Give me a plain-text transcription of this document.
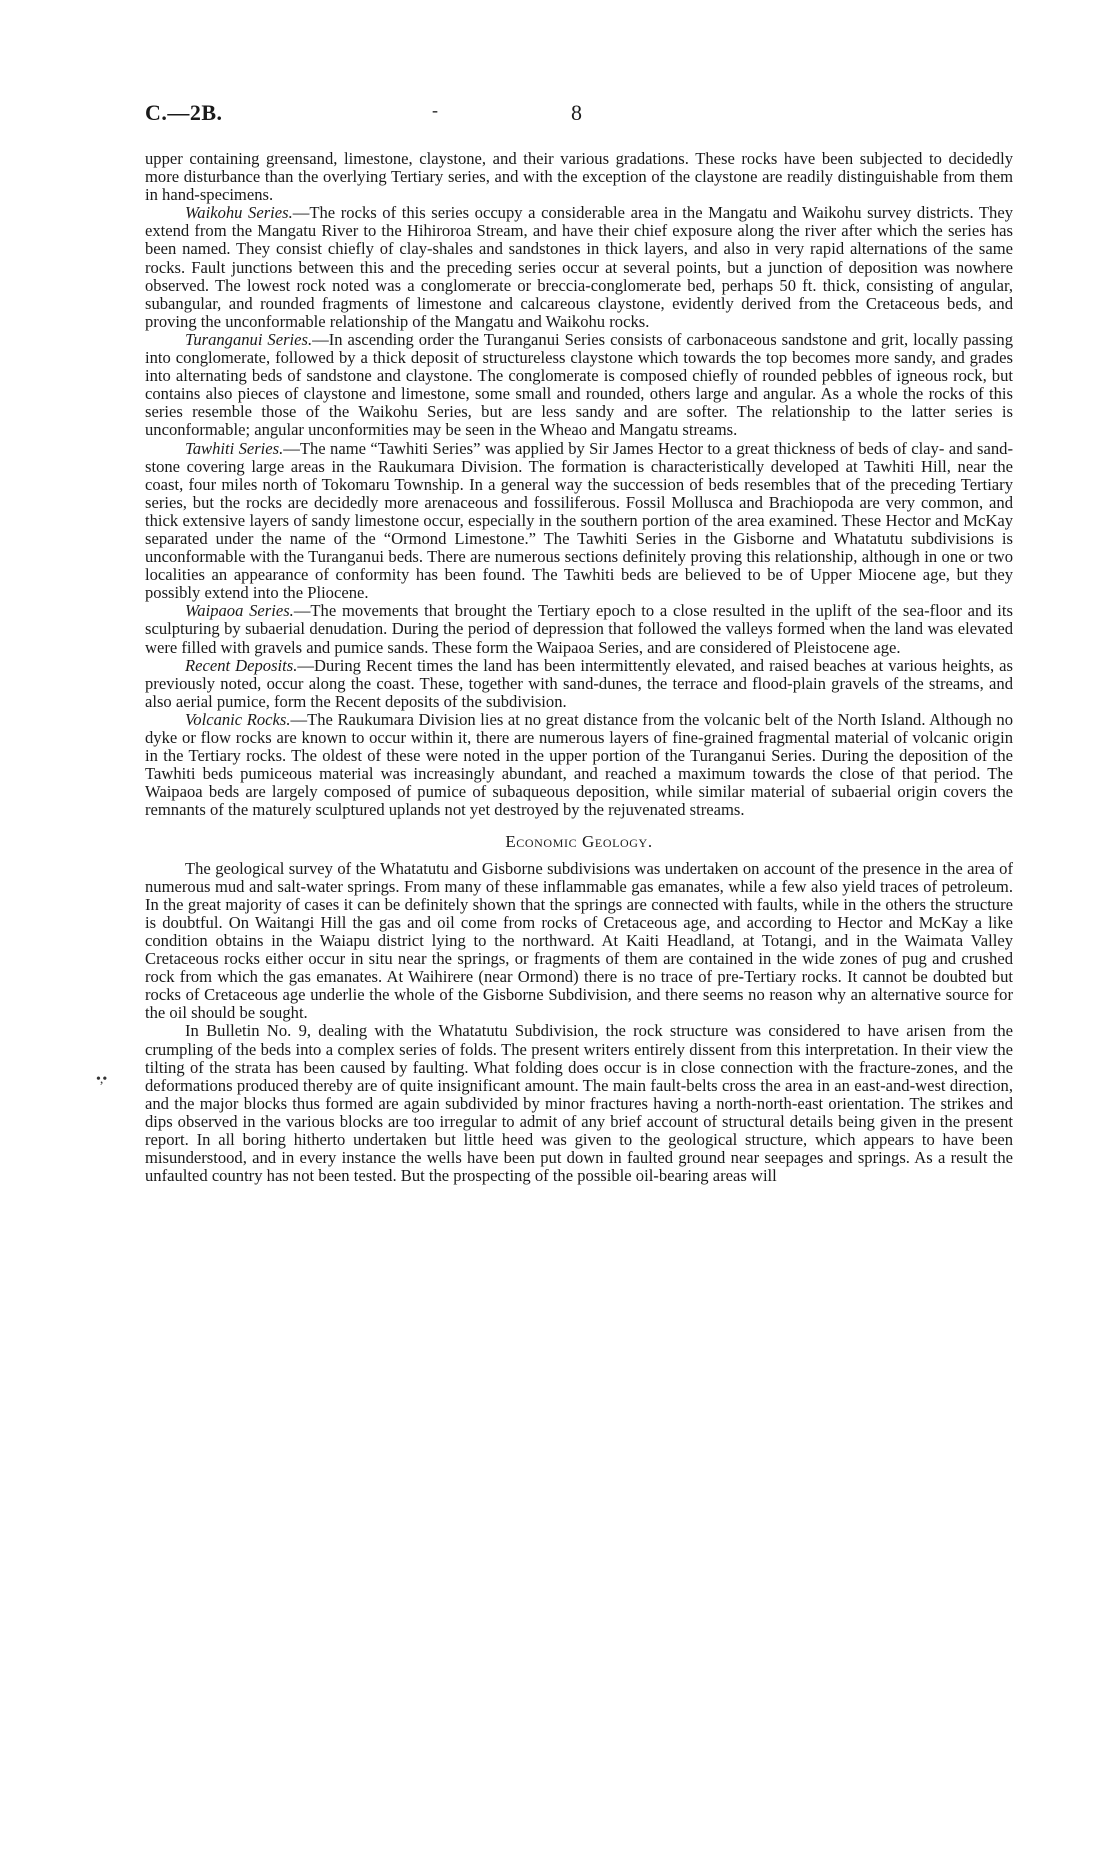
C.—2B.	-	8
•,•

upper containing greensand, limestone, claystone, and their various gradations. These rocks have been subjected to decidedly more disturbance than the overlying Tertiary series, and with the exception of the claystone are readily distinguishable from them in hand-specimens.

Waikohu Series.—The rocks of this series occupy a considerable area in the Mangatu and Waikohu survey districts. They extend from the Mangatu River to the Hihiroroa Stream, and have their chief exposure along the river after which the series has been named. They consist chiefly of clay-shales and sandstones in thick layers, and also in very rapid alternations of the same rocks. Fault junctions between this and the preceding series occur at several points, but a junction of deposition was nowhere observed. The lowest rock noted was a conglomerate or breccia-conglomerate bed, perhaps 50 ft. thick, consisting of angular, subangular, and rounded fragments of limestone and calcareous claystone, evidently derived from the Cretaceous beds, and proving the unconformable relationship of the Mangatu and Waikohu rocks.

Turanganui Series.—In ascending order the Turanganui Series consists of carbonaceous sandstone and grit, locally passing into conglomerate, followed by a thick deposit of structureless claystone which towards the top becomes more sandy, and grades into alternating beds of sandstone and claystone. The conglomerate is composed chiefly of rounded pebbles of igneous rock, but contains also pieces of claystone and limestone, some small and rounded, others large and angular. As a whole the rocks of this series resemble those of the Waikohu Series, but are less sandy and are softer. The relationship to the latter series is unconformable; angular unconformities may be seen in the Wheao and Mangatu streams.

Tawhiti Series.—The name “Tawhiti Series” was applied by Sir James Hector to a great thickness of beds of clay- and sand-stone covering large areas in the Raukumara Division. The formation is characteristically developed at Tawhiti Hill, near the coast, four miles north of Tokomaru Township. In a general way the succession of beds resembles that of the preceding Tertiary series, but the rocks are decidedly more arenaceous and fossiliferous. Fossil Mollusca and Brachiopoda are very common, and thick extensive layers of sandy limestone occur, especially in the southern portion of the area examined. These Hector and McKay separated under the name of the “Ormond Limestone.” The Tawhiti Series in the Gisborne and Whatatutu subdivisions is unconformable with the Turanganui beds. There are numerous sections definitely proving this relationship, although in one or two localities an appearance of conformity has been found. The Tawhiti beds are believed to be of Upper Miocene age, but they possibly extend into the Pliocene.

Waipaoa Series.—The movements that brought the Tertiary epoch to a close resulted in the uplift of the sea-floor and its sculpturing by subaerial denudation. During the period of depression that followed the valleys formed when the land was elevated were filled with gravels and pumice sands. These form the Waipaoa Series, and are considered of Pleistocene age.

Recent Deposits.—During Recent times the land has been intermittently elevated, and raised beaches at various heights, as previously noted, occur along the coast. These, together with sand-dunes, the terrace and flood-plain gravels of the streams, and also aerial pumice, form the Recent deposits of the subdivision.

Volcanic Rocks.—The Raukumara Division lies at no great distance from the volcanic belt of the North Island. Although no dyke or flow rocks are known to occur within it, there are numerous layers of fine-grained fragmental material of volcanic origin in the Tertiary rocks. The oldest of these were noted in the upper portion of the Turanganui Series. During the deposition of the Tawhiti beds pumiceous material was increasingly abundant, and reached a maximum towards the close of that period. The Waipaoa beds are largely composed of pumice of subaqueous deposition, while similar material of subaerial origin covers the remnants of the maturely sculptured uplands not yet destroyed by the rejuvenated streams.

Economic Geology.

The geological survey of the Whatatutu and Gisborne subdivisions was undertaken on account of the presence in the area of numerous mud and salt-water springs. From many of these inflammable gas emanates, while a few also yield traces of petroleum. In the great majority of cases it can be definitely shown that the springs are connected with faults, while in the others the structure is doubtful. On Waitangi Hill the gas and oil come from rocks of Cretaceous age, and according to Hector and McKay a like condition obtains in the Waiapu district lying to the northward. At Kaiti Headland, at Totangi, and in the Waimata Valley Cretaceous rocks either occur in situ near the springs, or fragments of them are contained in the wide zones of pug and crushed rock from which the gas emanates. At Waihirere (near Ormond) there is no trace of pre-Tertiary rocks. It cannot be doubted but rocks of Cretaceous age underlie the whole of the Gisborne Subdivision, and there seems no reason why an alternative source for the oil should be sought.

In Bulletin No. 9, dealing with the Whatatutu Subdivision, the rock structure was considered to have arisen from the crumpling of the beds into a complex series of folds. The present writers entirely dissent from this interpretation. In their view the tilting of the strata has been caused by faulting. What folding does occur is in close connection with the fracture-zones, and the deformations produced thereby are of quite insignificant amount. The main fault-belts cross the area in an east-and-west direction, and the major blocks thus formed are again subdivided by minor fractures having a north-north-east orientation. The strikes and dips observed in the various blocks are too irregular to admit of any brief account of structural details being given in the present report. In all boring hitherto undertaken but little heed was given to the geological structure, which appears to have been misunderstood, and in every instance the wells have been put down in faulted ground near seepages and springs. As a result the unfaulted country has not been tested. But the prospecting of the possible oil-bearing areas will
